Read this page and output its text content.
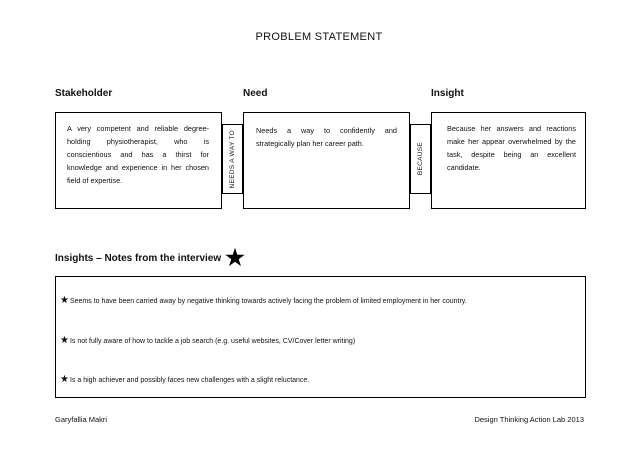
PROBLEM STATEMENT
Stakeholder	Need	Insight
A very competent and reliable degree-holding physiotherapist, who is conscientious and has a thirst for knowledge and experience in her chosen field of expertise.	NEEDS A WAY TO	Needs a way to confidently and strategically plan her career path.	BECAUSE
Because her answers and reactions make her appear overwhelmed by the task, despite being an excellent candidate.
Insights – Notes from the interview ★
★ Seems to have been carried away by negative thinking towards actively facing the problem of limited employment in her country.
★ Is not fully aware of how to tackle a job search (e.g. useful websites, CV/Cover letter writing)
★ Is a high achiever and possibly faces new challenges with a slight reluctance.
Garyfallia Makri	Design Thinking Action Lab 2013
